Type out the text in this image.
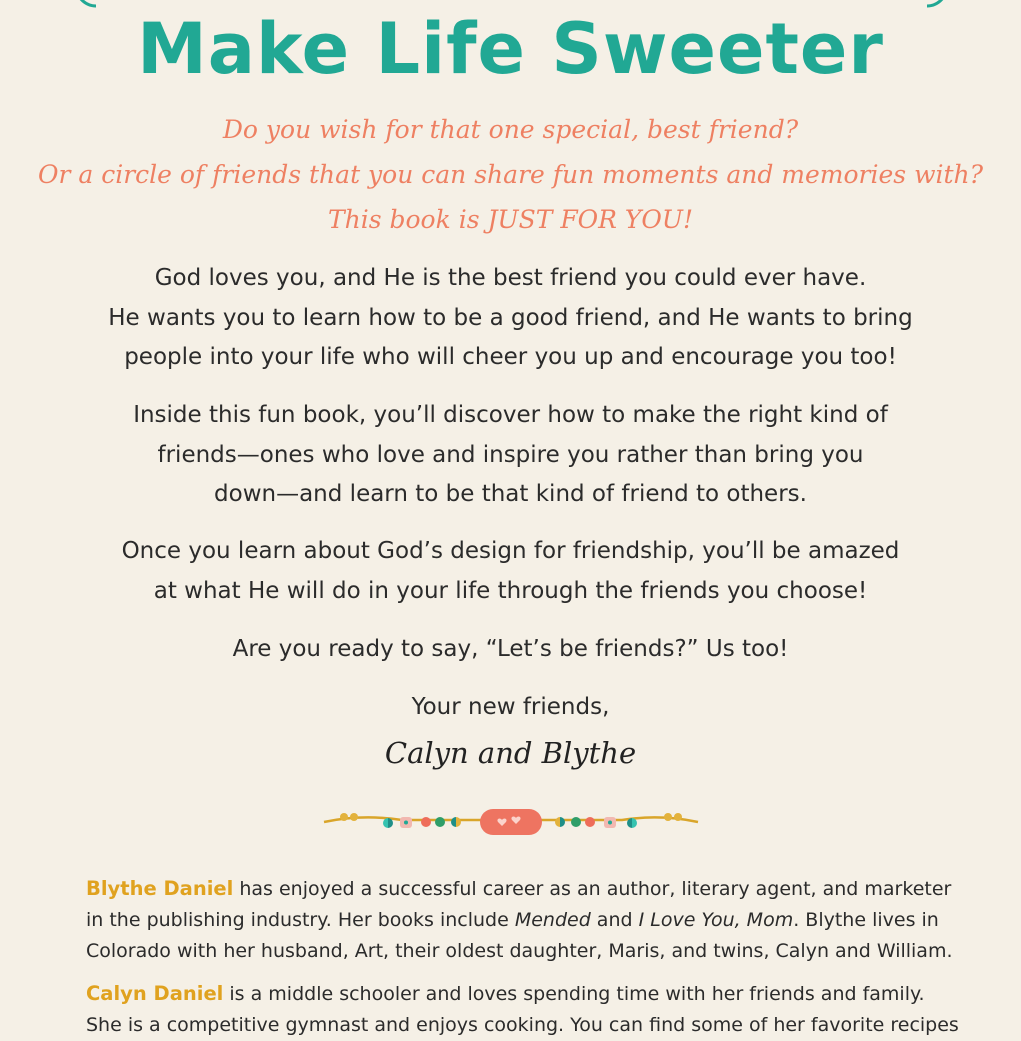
Make Life Sweeter
Do you wish for that one special, best friend?
Or a circle of friends that you can share fun moments and memories with?
This book is JUST FOR YOU!
God loves you, and He is the best friend you could ever have.
He wants you to learn how to be a good friend, and He wants to bring
people into your life who will cheer you up and encourage you too!
Inside this fun book, you’ll discover how to make the right kind of
friends—ones who love and inspire you rather than bring you
down—and learn to be that kind of friend to others.
Once you learn about God’s design for friendship, you’ll be amazed
at what He will do in your life through the friends you choose!
Are you ready to say, “Let’s be friends?” Us too!
Your new friends,
Calyn and Blythe
Blythe Daniel has enjoyed a successful career as an author, literary agent, and marketer
in the publishing industry. Her books include Mended and I Love You, Mom. Blythe lives in
Colorado with her husband, Art, their oldest daughter, Maris, and twins, Calyn and William.
Calyn Daniel is a middle schooler and loves spending time with her friends and family.
She is a competitive gymnast and enjoys cooking. You can find some of her favorite recipes
